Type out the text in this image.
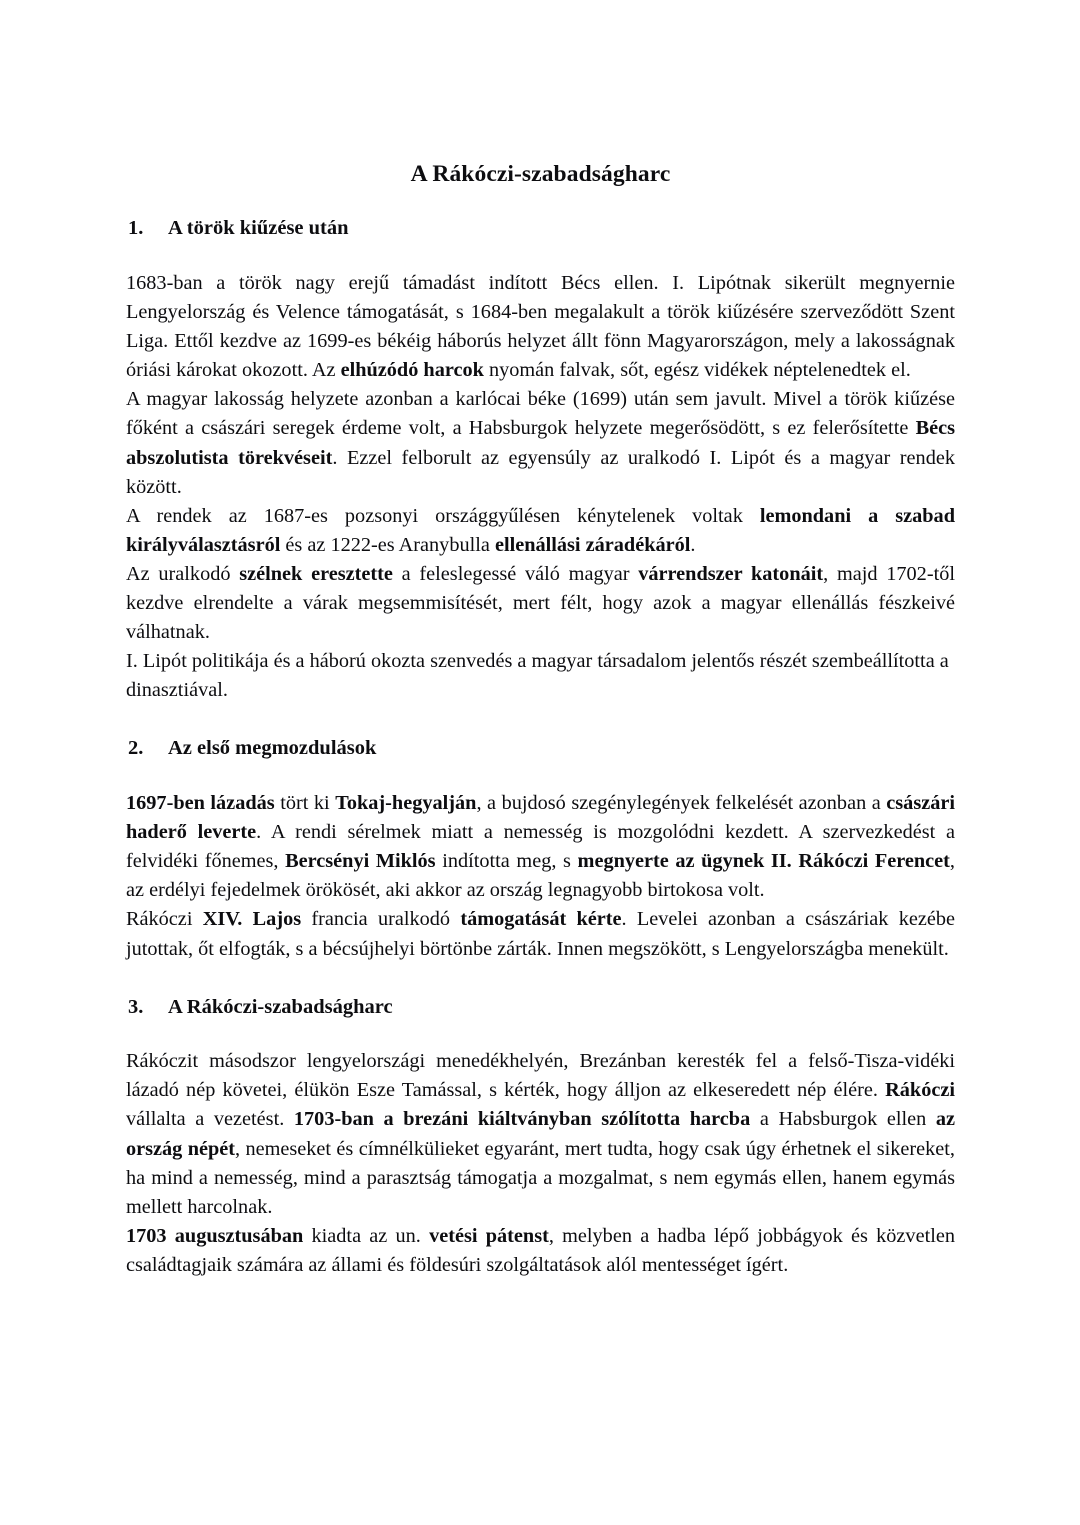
A Rákóczi-szabadságharc
1.	A török kiűzése után

1683-ban a török nagy erejű támadást indított Bécs ellen. I. Lipótnak sikerült megnyernie Lengyelország és Velence támogatását, s 1684-ben megalakult a török kiűzésére szerveződött Szent Liga. Ettől kezdve az 1699-es békéig háborús helyzet állt fönn Magyarországon, mely a lakosságnak óriási károkat okozott. Az elhúzódó harcok nyomán falvak, sőt, egész vidékek néptelenedtek el.

A magyar lakosság helyzete azonban a karlócai béke (1699) után sem javult. Mivel a török kiűzése főként a császári seregek érdeme volt, a Habsburgok helyzete megerősödött, s ez felerősítette Bécs abszolutista törekvéseit. Ezzel felborult az egyensúly az uralkodó I. Lipót és a magyar rendek között.

A rendek az 1687-es pozsonyi országgyűlésen kénytelenek voltak lemondani a szabad királyválasztásról és az 1222-es Aranybulla ellenállási záradékáról.

Az uralkodó szélnek eresztette a feleslegessé váló magyar várrendszer katonáit, majd 1702-től kezdve elrendelte a várak megsemmisítését, mert félt, hogy azok a magyar ellenállás fészkeivé válhatnak.

I. Lipót politikája és a háború okozta szenvedés a magyar társadalom jelentős részét szembeállította a dinasztiával.

2.	Az első megmozdulások

1697-ben lázadás tört ki Tokaj-hegyalján, a bujdosó szegénylegények felkelését azonban a császári haderő leverte. A rendi sérelmek miatt a nemesség is mozgolódni kezdett. A szervezkedést a felvidéki főnemes, Bercsényi Miklós indította meg, s megnyerte az ügynek II. Rákóczi Ferencet, az erdélyi fejedelmek örökösét, aki akkor az ország legnagyobb birtokosa volt.

Rákóczi XIV. Lajos francia uralkodó támogatását kérte. Levelei azonban a császáriak kezébe jutottak, őt elfogták, s a bécsújhelyi börtönbe zárták. Innen megszökött, s Lengyelországba menekült.

3.	A Rákóczi-szabadságharc

Rákóczit másodszor lengyelországi menedékhelyén, Brezánban keresték fel a felső-Tisza-vidéki lázadó nép követei, élükön Esze Tamással, s kérték, hogy álljon az elkeseredett nép élére. Rákóczi vállalta a vezetést. 1703-ban a brezáni kiáltványban szólította harcba a Habsburgok ellen az ország népét, nemeseket és címnélkülieket egyaránt, mert tudta, hogy csak úgy érhetnek el sikereket, ha mind a nemesség, mind a parasztság támogatja a mozgalmat, s nem egymás ellen, hanem egymás mellett harcolnak.

1703 augusztusában kiadta az un. vetési pátenst, melyben a hadba lépő jobbágyok és közvetlen családtagjaik számára az állami és földesúri szolgáltatások alól mentességet ígért.
